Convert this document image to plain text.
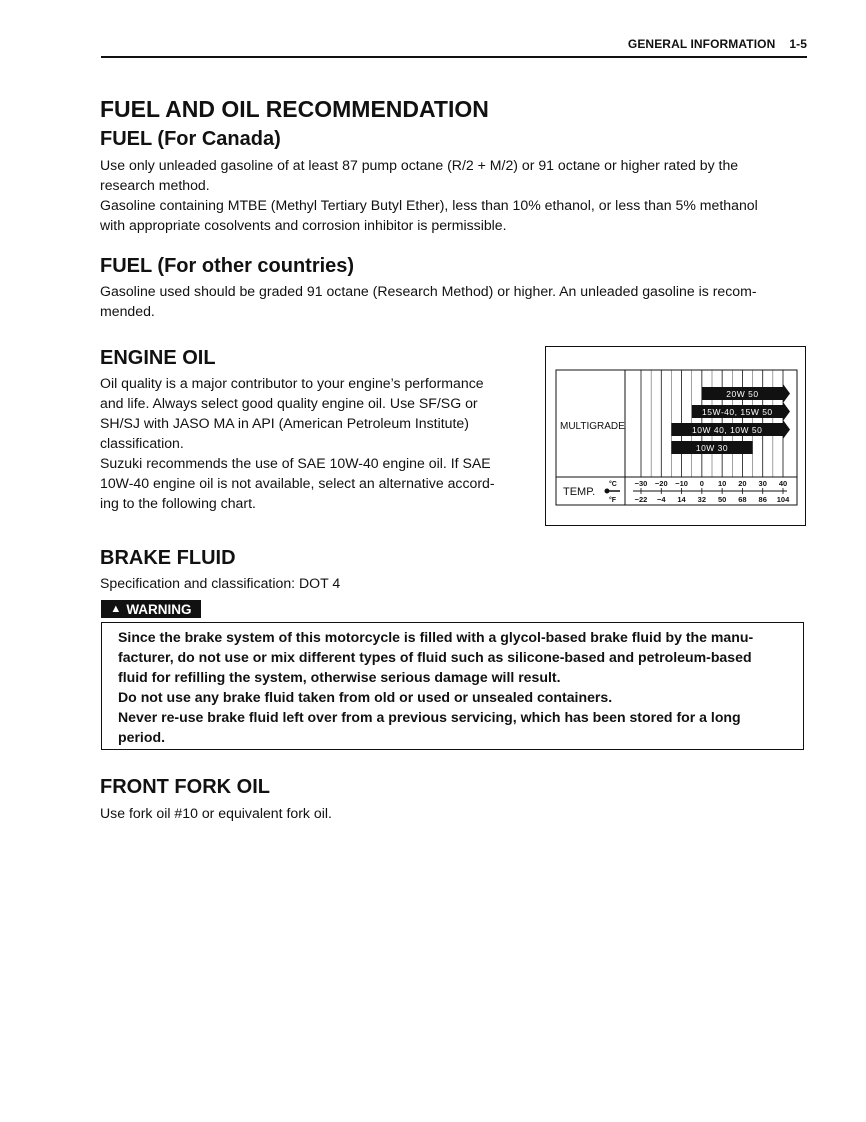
GENERAL INFORMATION 1-5
FUEL AND OIL RECOMMENDATION
FUEL (For Canada)
Use only unleaded gasoline of at least 87 pump octane (R/2 + M/2) or 91 octane or higher rated by the
research method.
Gasoline containing MTBE (Methyl Tertiary Butyl Ether), less than 10% ethanol, or less than 5% methanol
with appropriate cosolvents and corrosion inhibitor is permissible.
FUEL (For other countries)
Gasoline used should be graded 91 octane (Research Method) or higher. An unleaded gasoline is recom-
mended.
ENGINE OIL
Oil quality is a major contributor to your engine’s performance
and life. Always select good quality engine oil. Use SF/SG or
SH/SJ with JASO MA in API (American Petroleum Institute)
classification.
Suzuki recommends the use of SAE 10W-40 engine oil. If SAE
10W-40 engine oil is not available, select an alternative accord-
ing to the following chart.
20W 50
15W-40, 15W 50
10W 40, 10W 50
10W 30
MULTIGRADE
TEMP.
°C
°F
−30
−22
−20
−4
−10
14
0
32
10
50
20
68
30
86
40
104
BRAKE FLUID
Specification and classification: DOT 4
▲ WARNING
Since the brake system of this motorcycle is filled with a glycol-based brake fluid by the manu-
facturer, do not use or mix different types of fluid such as silicone-based and petroleum-based
fluid for refilling the system, otherwise serious damage will result.
Do not use any brake fluid taken from old or used or unsealed containers.
Never re-use brake fluid left over from a previous servicing, which has been stored for a long
period.
FRONT FORK OIL
Use fork oil #10 or equivalent fork oil.
